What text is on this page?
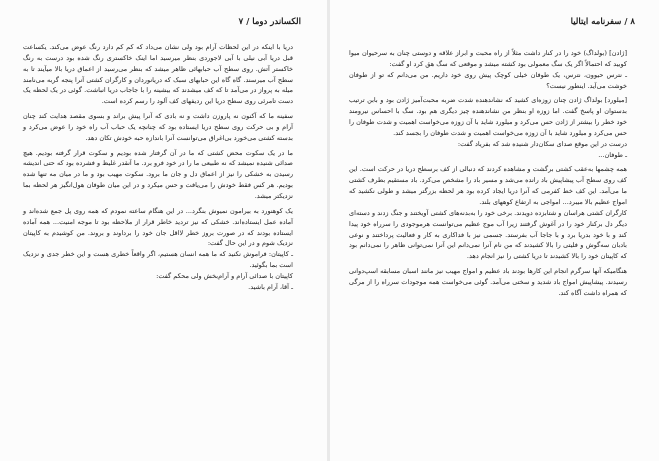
الکساندر دوما / ۷

دریا با اینکه در این لحظات آرام بود ولی نشان می‌داد که کم کم دارد رنگ عوض می‌کند. یکساعت قبل دریا آبی نیلی با آبی لاجوردی بنظر میرسید اما اینک خاکستری رنگ شده بود درست به رنگ خاکستر آتش. روی سطح آب حبابهائی ظاهر میشد که بنظر می‌رسید از اعماق دریا بالا میآیند تا به سطح آب میرسند. گاه گاه این حبابهای سبک که دریانوردان و کارگران کشتی آنرا پنجه گربه می‌نامند میله به پرواز در می‌آمد تا که کف میشدند که بیشینه را با جاجاب دریا انباشت. گوئی در یک لحظه یک دست تامرئی روی سطح دریا این ردیفهای کف آلود را رسم کرده است.

سفینه ما که آکنون نه پاروزن داشت و نه بادی که آنرا پیش براند و بسوی مقصد هدایت کند چنان آرام و بی حرکت روی سطح دریا ایستاده بود که چنانچه یک حباب آب راه خود را عوض می‌کرد و بدسته کشتی می‌خورد بی‌اغراق می‌توانست آنرا باندازه حبه خودش تکان دهد.

ما در یک سکوت محض کشتی که ما در آن گرفتار شده بودیم و سکوت قرار گرفته بودیم. هیچ صدائی شنیده نمیشد که نه طبیعی ما را در خود فرو برد. ما آنقدر غلیظ و فشرده بود که حتی اندیشه رسیدن به خشکی را نیز از اعماق دل و جان ما برود. سکوت مهیب بود و ما در میان مه تنها شده بودیم. هر کس فقط خودش را می‌یافت و حس میکرد و در این میان طوفان هول‌انگیز هر لحظه بما نزدیکتر میشد.

یک کوهنورد به بیرامون نمیوش بنگرد... در این هنگام ساعته نمودم که همه روی پل جمع شده‌اند و آماده عمل ایستاده‌اند. خشکی که نیز تردید خاطر قرار از ملاحظه بود تا موجه امنیت... همه آماده ایستاده بودند که در صورت بروز خطر لااقل جان خود را برداوند و بروند. من کوشیدم به کاپیتان نزدیک شوم و در این حال گفت:

ـ کاپیتان: فراموش نکنید که ما همه انسان هستیم، اگر واقعاً خطری هست و این خطر جدی و نزدیک است بما بگوئید.

کاپیتان با صدائی آرام و آرام‌بخش ولی محکم گفت:

ـ آقا، آرام باشید.

۸ / سفرنامه ایتالیا

[ژادن] (بولداگ) خود را در کنار داشت مثلاً از راه محبت و ابراز علاقه و دوستی چنان به سرحیوان میوا کوبید که احتمالاً اگر یک سگ معمولی بود کشته میشد و موقعی که سگ هق کرد او گفت:

ـ نترس حیوون، نترس، یک طوفان خیلی کوچک پیش روی خود داریم. من می‌دانم که تو از طوفان خوشت می‌آید. اینطور نیست؟

[میلورد] بولداگ ژادن چنان زوزه‌ای کشید که نشاندهنده شدت ضربه محبت‌آمیز ژادن بود و بابن ترتیب بدستوان او پاسخ گفت. اما زوزه او بنظر من نشاندهنده چیز دیگری هم بود. سگ با احساس نیرومند خود خطر را بیشتر از ژادن حس می‌کرد و میلورد شاید با آن زوزه می‌خواست اهمیت و شدت طوفان را حس می‌کرد و میلورد شاید با آن زوزه می‌خواست اهمیت و شدت طوفان را بجسد کند.

درست در این موقع صدای سکان‌دار شنیده شد که بفریاد گفت:

ـ طوفان...

همه چشمها به‌عقب کشتی برگشت و مشاهده کردند که دنبالی از کف برسطح دریا در حرکت است. این کف روی سطح آب پیشاپیش باد رانده می‌شد و مسیر باد را مشخص می‌کرد. باد مستقیم بطرف کشتی ما می‌آمد. این کف خط کفرمی که آنرا دریا ایجاد کرده بود هر لحظه بزرگتر میشد و طولی نکشید که امواج عظیم بالا میبرد... امواجی به ارتفاع کوههای بلند.

کارگران کشتی هراسان و شتابزده دویدند. برخی خود را به‌بدنه‌های کشتی آویختند و جنگ زدند و دسته‌ای دیگر دل برکنار خود را در آغوش گرفتند زیرا آب موج عظیم می‌توانست هرموجودی را سرراه خود پیدا کند و با خود بدریا برد و با جاجا آب بفرستد. جسمی نیز با فداکاری به کار و فعالیت پرداختند و نوعی بادبان سه‌گوش و فلیتی را بالا کشیدند که من نام آنرا نمی‌دانم این آنرا نمی‌توانی ظاهر را نمی‌دانم بود که کاپیتان خود را بالا کشیدند تا دریا کشتی را نیز انجام دهد.

هنگامیکه آنها سرگرم انجام این کارها بودند باد عظیم و امواج مهیب نیز مانند اسبان مسابقه اسپ‌دوانی رسیدند. پیشاپیش امواج باد شدید و سختی می‌آمد. گوئی می‌خواست همه موجودات سرراه را از مرگی که همراه داشت آگاه کند.
